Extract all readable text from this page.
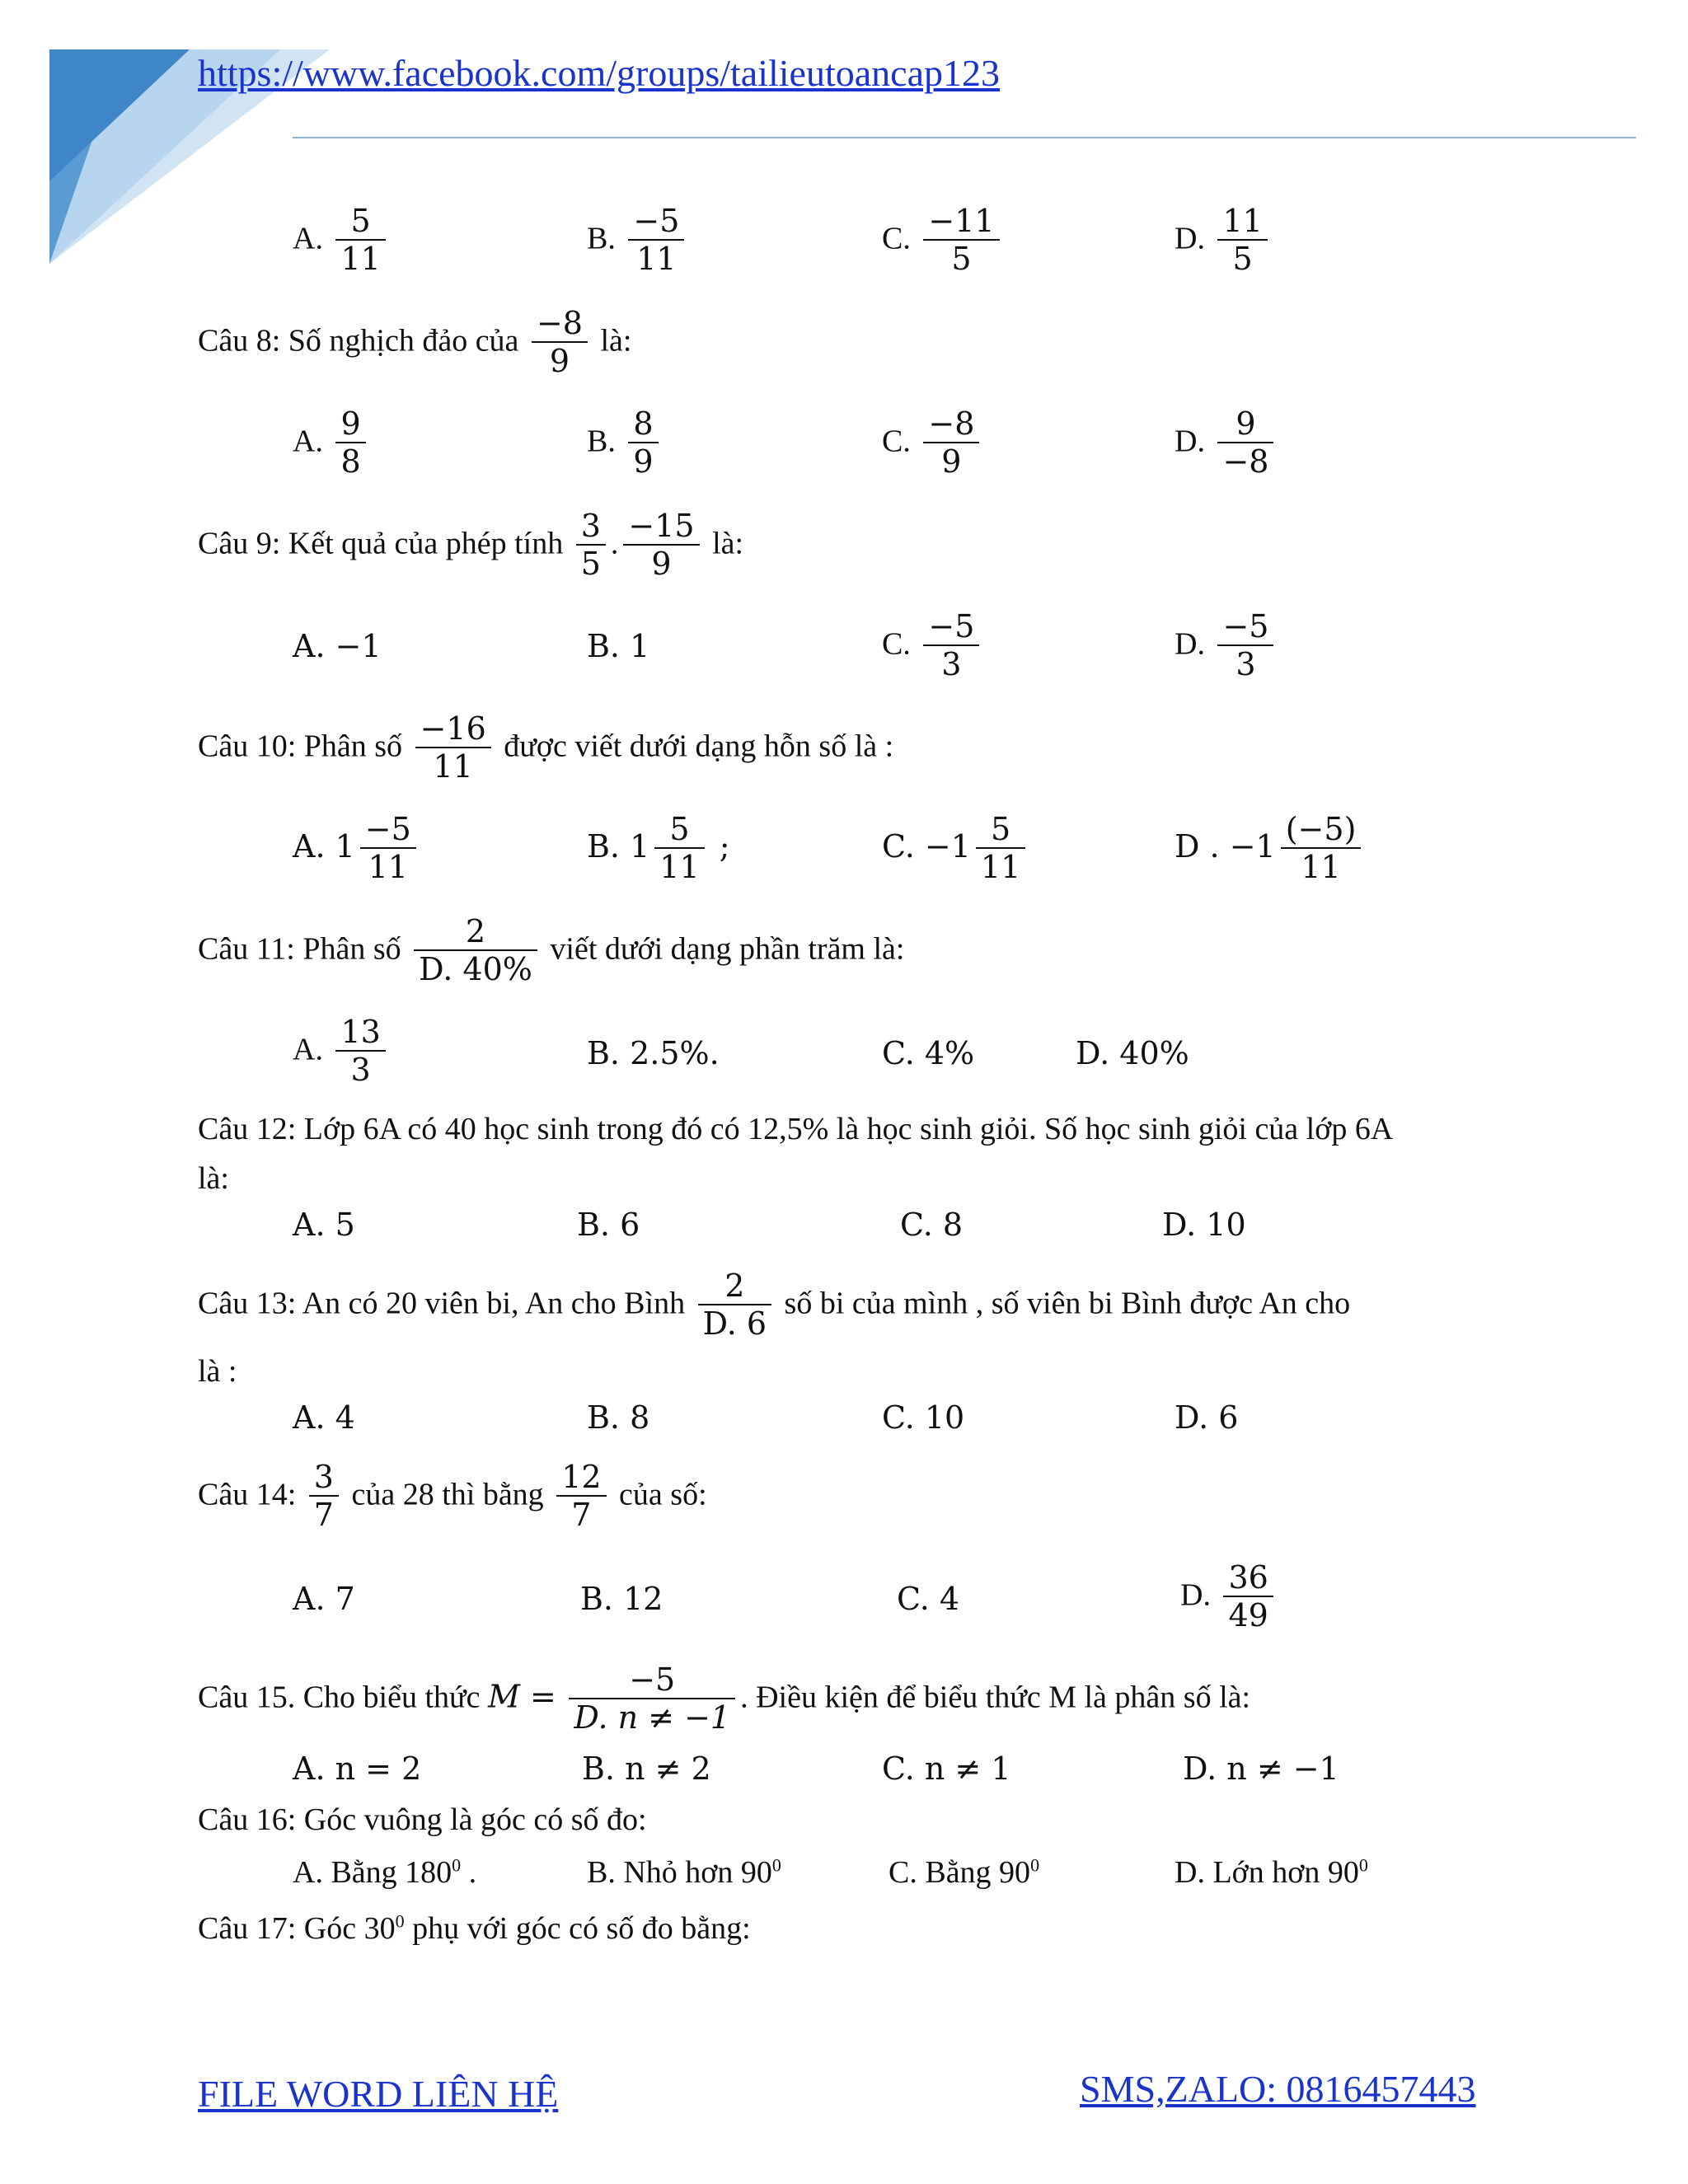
https://www.facebook.com/groups/tailieutoancap123
A. $\frac{5}{11}$	B. $\frac{-5}{11}$	C. $\frac{-11}{5}$	D. $\frac{11}{5}$
Câu 8: Số nghịch đảo của $\frac{-8}{9}$ là:
A. $\frac{9}{8}$	B. $\frac{8}{9}$	C. $\frac{-8}{9}$	D. $\frac{9}{-8}$
Câu 9: Kết quả của phép tính $\frac{3}{5}$ . $\frac{-15}{9}$ là:
A. −1	B. 1	C. $\frac{-5}{3}$	D. $\frac{-5}{3}$
Câu 10: Phân số $\frac{-16}{11}$ được viết dưới dạng hỗn số là :
A. $1 \frac{-5}{11}$	B. $1 \frac{5}{11}$ ;	C. $-1 \frac{5}{11}$	D . $-1 \frac{(-5)}{11}$
Câu 11: Phân số $\frac{2}{D. 40\%}$ viết dưới dạng phần trăm là:
A. $\frac{13}{3}$	B. 2.5%.	C. 4%	D. 40%
Câu 12: Lớp 6A có 40 học sinh trong đó có 12,5% là học sinh giỏi. Số học sinh giỏi của lớp 6A
là:
A. 5	B. 6	C. 8	D. 10
Câu 13: An có 20 viên bi, An cho Bình $\frac{2}{D. 6}$ số bi của mình , số viên bi Bình được An cho
là :
A. 4	B. 8	C. 10	D. 6
Câu 14: $\frac{3}{7}$ của 28 thì bằng $\frac{12}{7}$ của số:
A. 7	B. 12	C. 4	D. $\frac{36}{49}$
Câu 15. Cho biểu thức $M = \frac{-5}{D. n \ne -1}$ . Điều kiện để biểu thức M là phân số là:
A. n = 2	B. n ≠ 2	C. n ≠ 1	D. n ≠ −1
Câu 16: Góc vuông là góc có số đo:
A. Bằng $180^0$ .	B. Nhỏ hơn $90^0$	C. Bằng $90^0$	D. Lớn hơn $90^0$
Câu 17: Góc $30^0$ phụ với góc có số đo bằng:
FILE WORD LIÊN HỆ	SMS,ZALO: 0816457443
